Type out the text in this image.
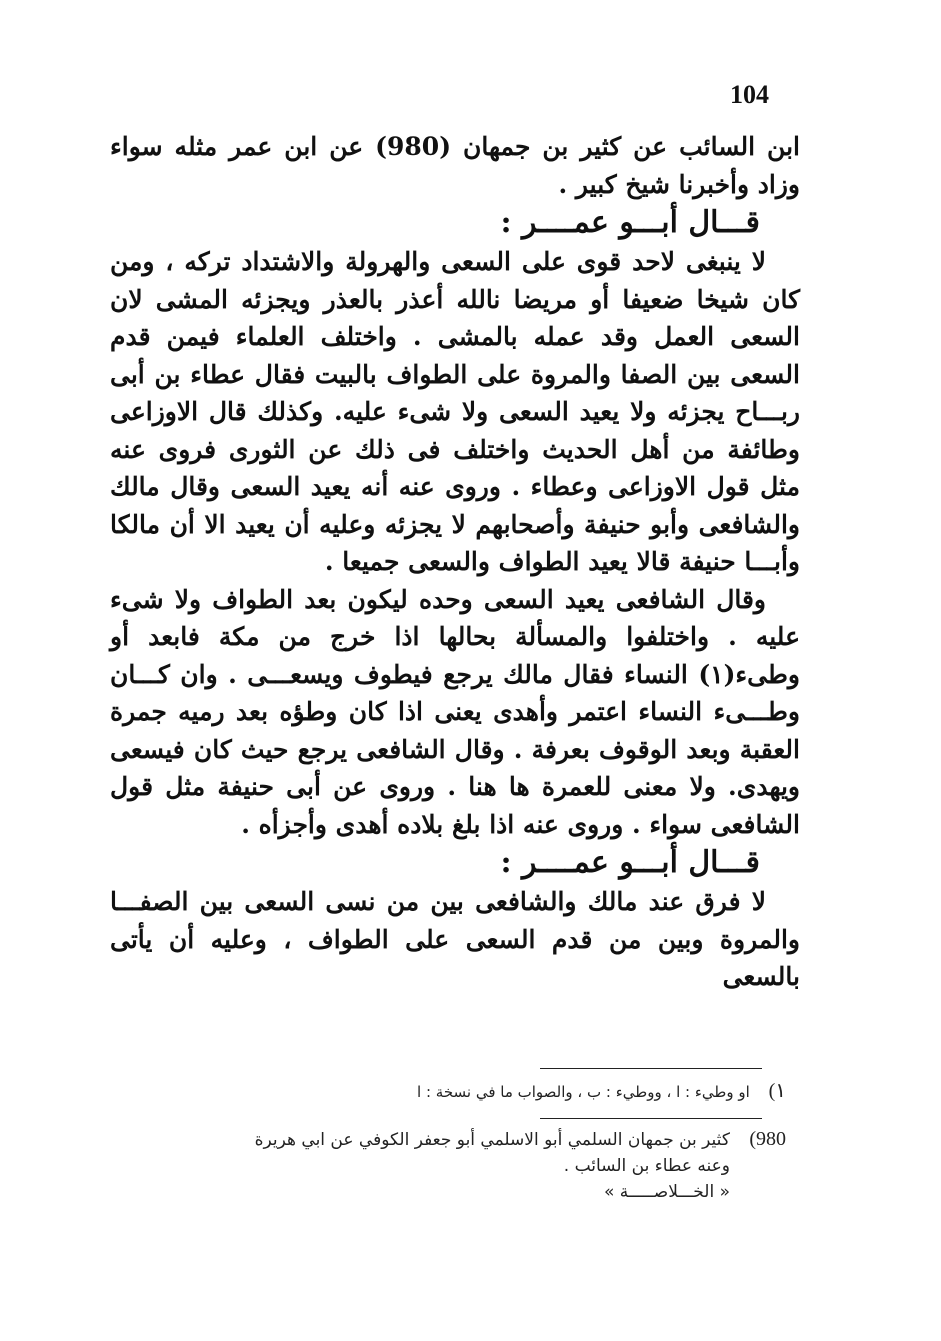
104

ابن السائب عن كثير بن جمهان (980) عن ابن عمر مثله سواء وزاد وأخبرنا شيخ كبير .

قـــال أبـــو عمــــر :

لا ينبغى لاحد قوى على السعى والهرولة والاشتداد تركه ، ومن كان شيخا ضعيفا أو مريضا نالله أعذر بالعذر ويجزئه المشى لان السعى العمل وقد عمله بالمشى . واختلف العلماء فيمن قدم السعى بين الصفا والمروة على الطواف بالبيت فقال عطاء بن أبى ربـــاح يجزئه ولا يعيد السعى ولا شىء عليه. وكذلك قال الاوزاعى وطائفة من أهل الحديث واختلف فى ذلك عن الثورى فروى عنه مثل قول الاوزاعى وعطاء . وروى عنه أنه يعيد السعى وقال مالك والشافعى وأبو حنيفة وأصحابهم لا يجزئه وعليه أن يعيد الا أن مالكا وأبـــا حنيفة قالا يعيد الطواف والسعى جميعا .

وقال الشافعى يعيد السعى وحده ليكون بعد الطواف ولا شىء عليه . واختلفوا والمسألة بحالها اذا خرج من مكة فابعد أو وطىء(١) النساء فقال مالك يرجع فيطوف ويسعـــى . وان كـــان وطـــىء النساء اعتمر وأهدى يعنى اذا كان وطؤه بعد رميه جمرة العقبة وبعد الوقوف بعرفة . وقال الشافعى يرجع حيث كان فيسعى ويهدى. ولا معنى للعمرة ها هنا . وروى عن أبى حنيفة مثل قول الشافعى سواء . وروى عنه اذا بلغ بلاده أهدى وأجزأه .

قـــال أبـــو عمــــر :

لا فرق عند مالك والشافعى بين من نسى السعى بين الصفـــا والمروة وبين من قدم السعى على الطواف ، وعليه أن يأتى بالسعى

١) او وطيء : ا ، ووطيء : ب ، والصواب ما في نسخة : ا
980) كثير بن جمهان السلمي أبو الاسلمي أبو جعفر الكوفي عن ابي هريرة
وعنه عطاء بن السائب .
« الخـــلاصـــــة »
